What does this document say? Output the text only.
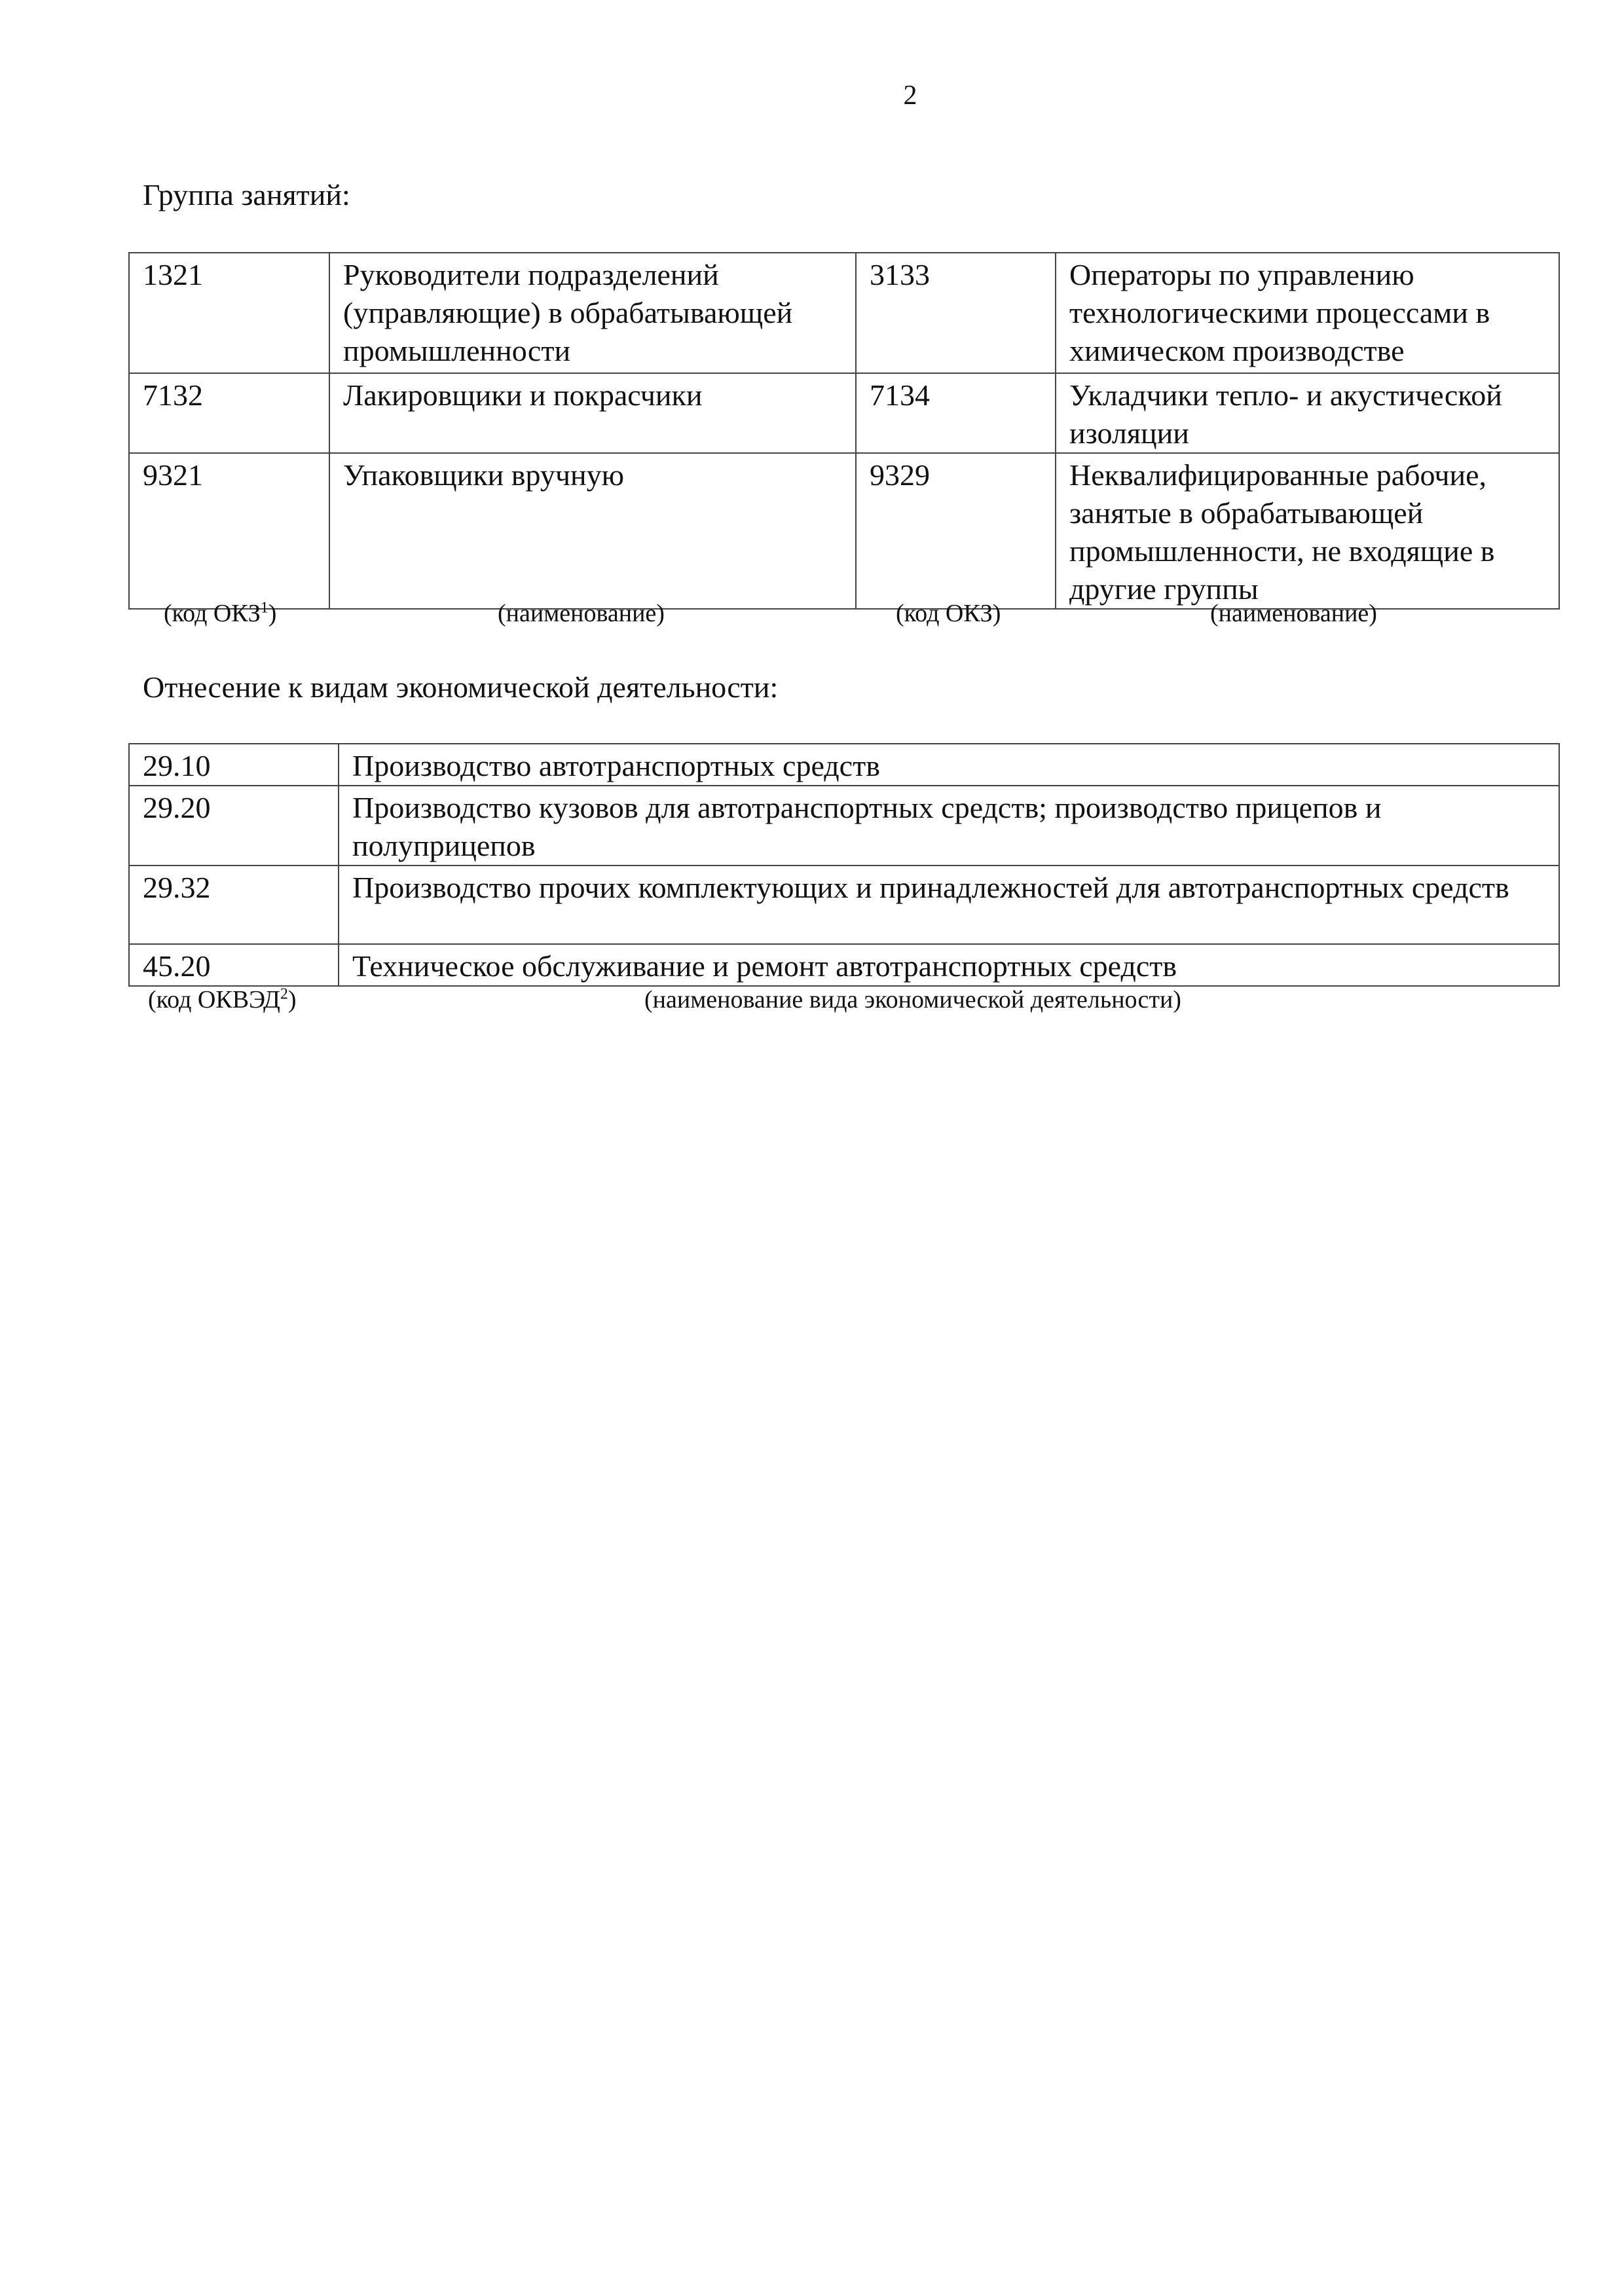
2
Группа занятий:
1321	Руководители подразделений (управляющие) в обрабатывающей промышленности	3133	Операторы по управлению технологическими процессами в химическом производстве
7132	Лакировщики и покрасчики	7134	Укладчики тепло- и акустической изоляции
9321	Упаковщики вручную	9329	Неквалифицированные рабочие, занятые в обрабатывающей промышленности, не входящие в другие группы
(код ОКЗ$^1$)	(наименование)	(код ОКЗ)	(наименование)
Отнесение к видам экономической деятельности:
29.10	Производство автотранспортных средств
29.20	Производство кузовов для автотранспортных средств; производство прицепов и полуприцепов
29.32	Производство прочих комплектующих и принадлежностей для автотранспортных средств
45.20	Техническое обслуживание и ремонт автотранспортных средств
(код ОКВЭД$^2$)	(наименование вида экономической деятельности)
